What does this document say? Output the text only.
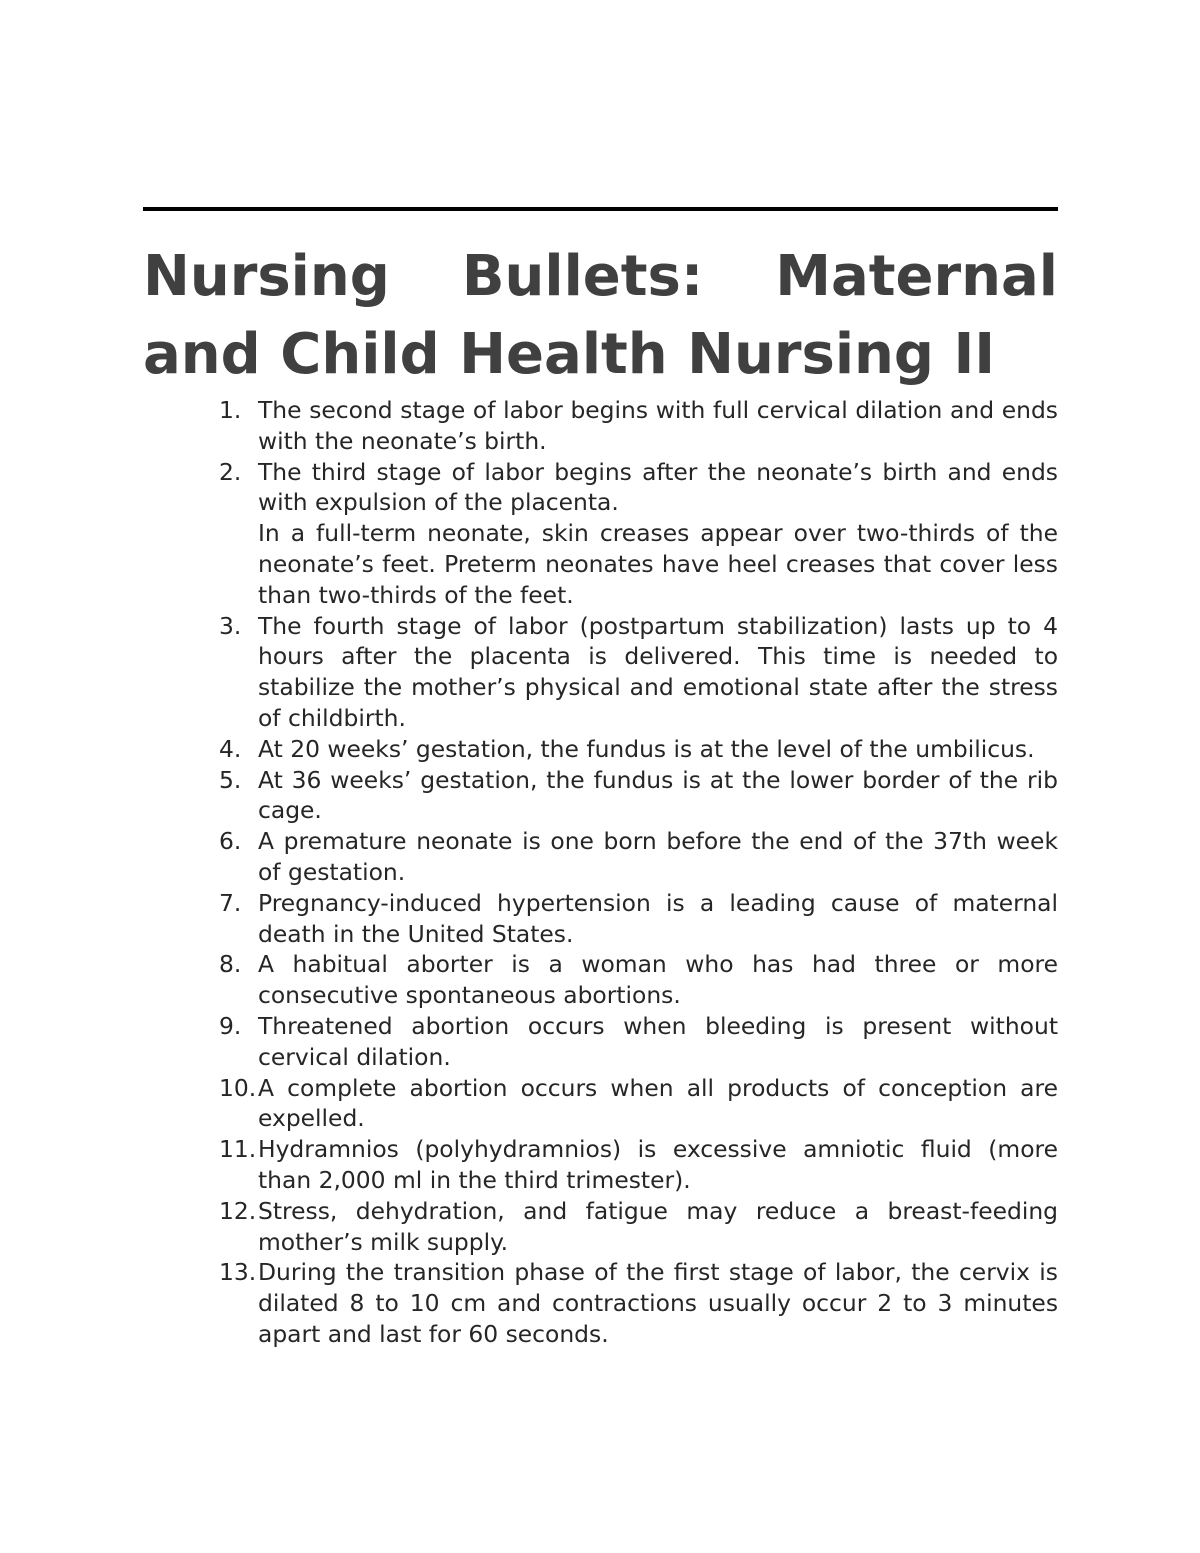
Nursing Bullets: Maternal
and Child Health Nursing II
1. The second stage of labor begins with full cervical dilation and ends with the neonate’s birth.
2. The third stage of labor begins after the neonate’s birth and ends with expulsion of the placenta.
In a full-term neonate, skin creases appear over two-thirds of the neonate’s feet. Preterm neonates have heel creases that cover less than two-thirds of the feet.
3. The fourth stage of labor (postpartum stabilization) lasts up to 4 hours after the placenta is delivered. This time is needed to stabilize the mother’s physical and emotional state after the stress of childbirth.
4. At 20 weeks’ gestation, the fundus is at the level of the umbilicus.
5. At 36 weeks’ gestation, the fundus is at the lower border of the rib cage.
6. A premature neonate is one born before the end of the 37th week of gestation.
7. Pregnancy-induced hypertension is a leading cause of maternal death in the United States.
8. A habitual aborter is a woman who has had three or more consecutive spontaneous abortions.
9. Threatened abortion occurs when bleeding is present without cervical dilation.
10. A complete abortion occurs when all products of conception are expelled.
11. Hydramnios (polyhydramnios) is excessive amniotic fluid (more than 2,000 ml in the third trimester).
12. Stress, dehydration, and fatigue may reduce a breast-feeding mother’s milk supply.
13. During the transition phase of the first stage of labor, the cervix is dilated 8 to 10 cm and contractions usually occur 2 to 3 minutes apart and last for 60 seconds.
